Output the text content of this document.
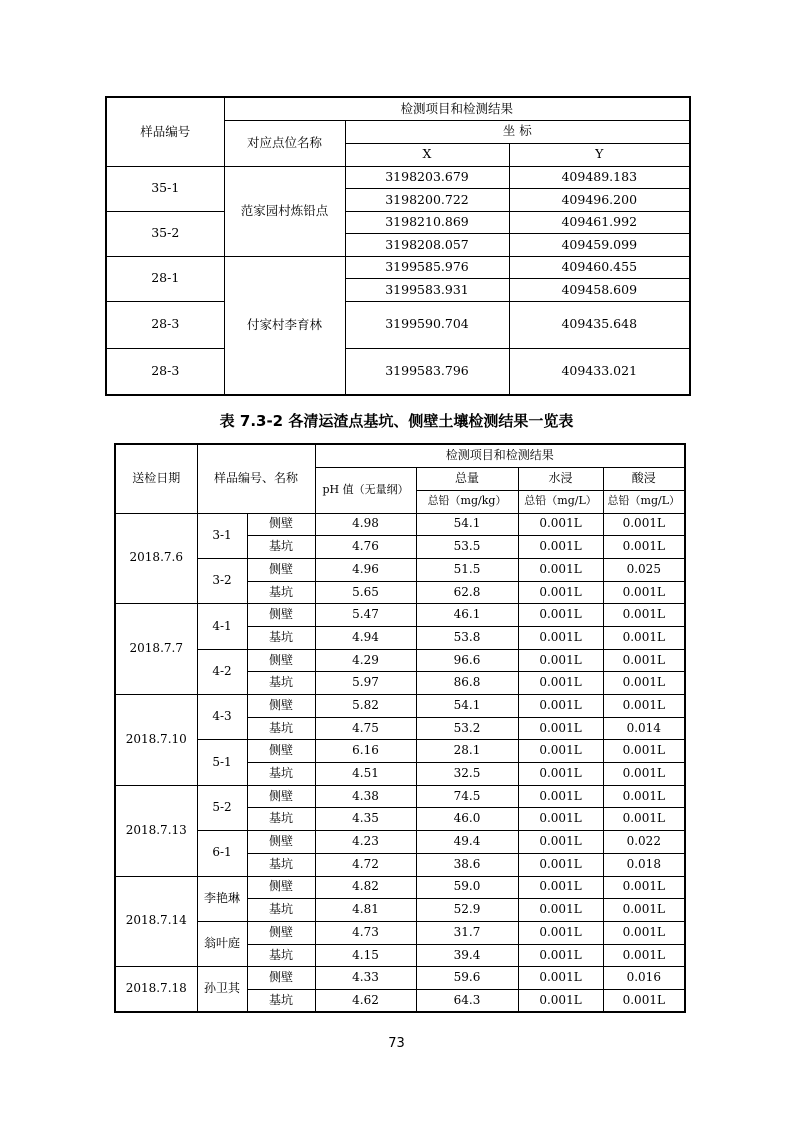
样品编号	检测项目和检测结果		
	对应点位名称	坐 标	
		X	Y
35-1	范家园村炼铅点	3198203.679	409489.183
		3198200.722	409496.200
35-2		3198210.869	409461.992
		3198208.057	409459.099
28-1	付家村李育林	3199585.976	409460.455
		3199583.931	409458.609
28-3		3199590.704	409435.648
28-3		3199583.796	409433.021
表 7.3-2 各清运渣点基坑、侧壁土壤检测结果一览表
送检日期	样品编号、名称		检测项目和检测结果			
			pH 值（无量纲）	总量	水浸	酸浸
				总铅（mg/kg）	总铅（mg/L）	总铅（mg/L）
2018.7.6	3-1	侧壁	4.98	54.1	0.001L	0.001L
		基坑	4.76	53.5	0.001L	0.001L
	3-2	侧壁	4.96	51.5	0.001L	0.025
		基坑	5.65	62.8	0.001L	0.001L
2018.7.7	4-1	侧壁	5.47	46.1	0.001L	0.001L
		基坑	4.94	53.8	0.001L	0.001L
	4-2	侧壁	4.29	96.6	0.001L	0.001L
		基坑	5.97	86.8	0.001L	0.001L
2018.7.10	4-3	侧壁	5.82	54.1	0.001L	0.001L
		基坑	4.75	53.2	0.001L	0.014
	5-1	侧壁	6.16	28.1	0.001L	0.001L
		基坑	4.51	32.5	0.001L	0.001L
2018.7.13	5-2	侧壁	4.38	74.5	0.001L	0.001L
		基坑	4.35	46.0	0.001L	0.001L
	6-1	侧壁	4.23	49.4	0.001L	0.022
		基坑	4.72	38.6	0.001L	0.018
2018.7.14	李艳琳	侧壁	4.82	59.0	0.001L	0.001L
		基坑	4.81	52.9	0.001L	0.001L
	翁叶庭	侧壁	4.73	31.7	0.001L	0.001L
		基坑	4.15	39.4	0.001L	0.001L
2018.7.18	孙卫其	侧壁	4.33	59.6	0.001L	0.016
		基坑	4.62	64.3	0.001L	0.001L
73
